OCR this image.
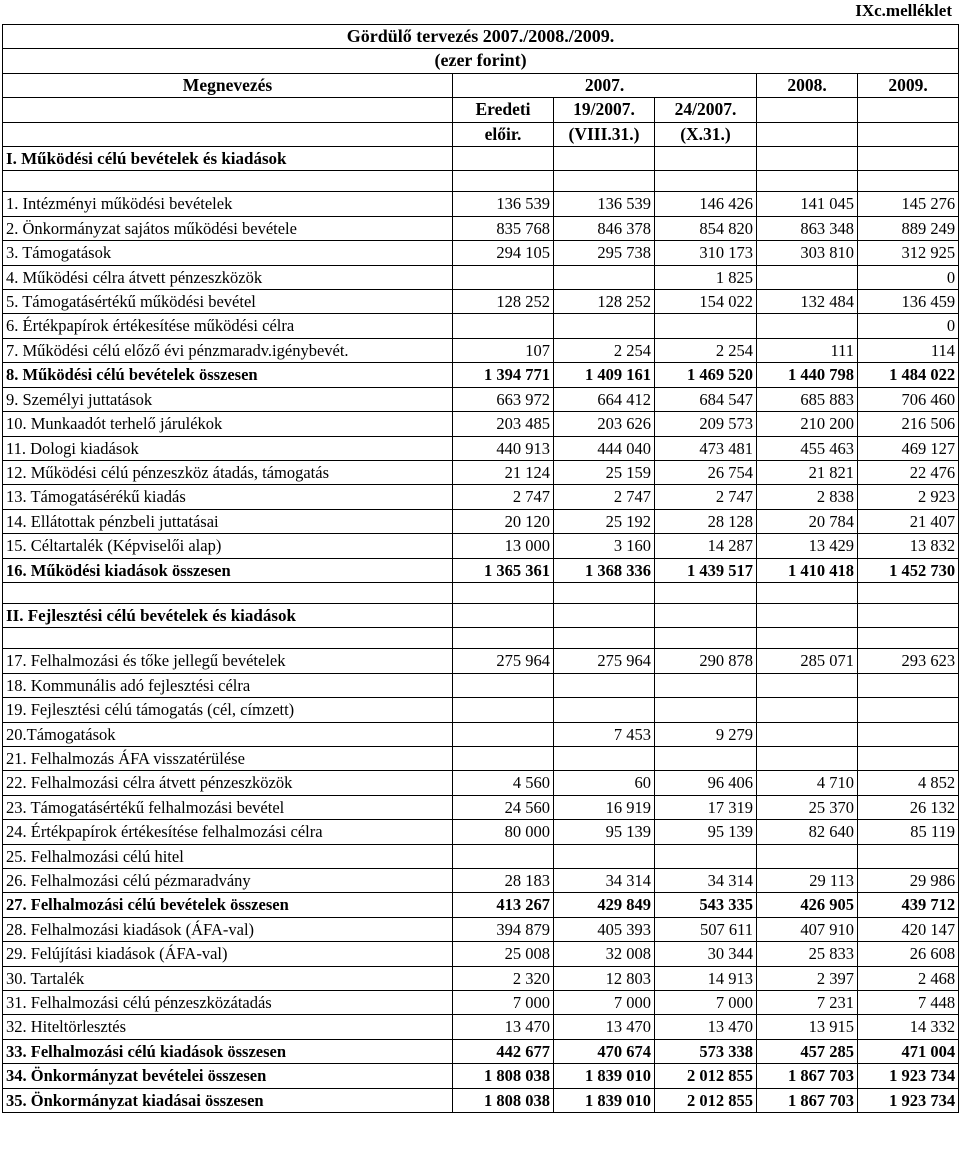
IXc.melléklet
Gördülő tervezés 2007./2008./2009.					
(ezer forint)					
Megnevezés	2007.			2008.	2009.
	Eredeti	19/2007.	24/2007.		
	előir.	(VIII.31.)	(X.31.)		
I. Működési célú bevételek és kiadások					

1. Intézményi működési bevételek	136 539	136 539	146 426	141 045	145 276
2. Önkormányzat sajátos működési bevétele	835 768	846 378	854 820	863 348	889 249
3. Támogatások	294 105	295 738	310 173	303 810	312 925
4. Működési célra átvett pénzeszközök			1 825		0
5. Támogatásértékű működési bevétel	128 252	128 252	154 022	132 484	136 459
6. Értékpapírok értékesítése működési célra					0
7. Működési célú előző évi pénzmaradv.igénybevét.	107	2 254	2 254	111	114
8. Működési célú bevételek összesen	1 394 771	1 409 161	1 469 520	1 440 798	1 484 022
9. Személyi juttatások	663 972	664 412	684 547	685 883	706 460
10. Munkaadót terhelő járulékok	203 485	203 626	209 573	210 200	216 506
11. Dologi kiadások	440 913	444 040	473 481	455 463	469 127
12. Működési célú pénzeszköz átadás, támogatás	21 124	25 159	26 754	21 821	22 476
13. Támogatásérékű kiadás	2 747	2 747	2 747	2 838	2 923
14. Ellátottak pénzbeli juttatásai	20 120	25 192	28 128	20 784	21 407
15. Céltartalék (Képviselői alap)	13 000	3 160	14 287	13 429	13 832
16. Működési kiadások összesen	1 365 361	1 368 336	1 439 517	1 410 418	1 452 730

II. Fejlesztési célú bevételek és kiadások					

17. Felhalmozási és tőke jellegű bevételek	275 964	275 964	290 878	285 071	293 623
18. Kommunális adó fejlesztési célra					
19. Fejlesztési célú támogatás (cél, címzett)					
20.Támogatások		7 453	9 279		
21. Felhalmozás ÁFA visszatérülése					
22. Felhalmozási célra átvett pénzeszközök	4 560	60	96 406	4 710	4 852
23. Támogatásértékű felhalmozási bevétel	24 560	16 919	17 319	25 370	26 132
24. Értékpapírok értékesítése felhalmozási célra	80 000	95 139	95 139	82 640	85 119
25. Felhalmozási célú hitel					
26. Felhalmozási célú pézmaradvány	28 183	34 314	34 314	29 113	29 986
27. Felhalmozási célú bevételek összesen	413 267	429 849	543 335	426 905	439 712
28. Felhalmozási kiadások (ÁFA-val)	394 879	405 393	507 611	407 910	420 147
29. Felújítási kiadások (ÁFA-val)	25 008	32 008	30 344	25 833	26 608
30. Tartalék	2 320	12 803	14 913	2 397	2 468
31. Felhalmozási célú pénzeszközátadás	7 000	7 000	7 000	7 231	7 448
32. Hiteltörlesztés	13 470	13 470	13 470	13 915	14 332
33. Felhalmozási célú kiadások összesen	442 677	470 674	573 338	457 285	471 004
34. Önkormányzat bevételei összesen	1 808 038	1 839 010	2 012 855	1 867 703	1 923 734
35. Önkormányzat kiadásai összesen	1 808 038	1 839 010	2 012 855	1 867 703	1 923 734
